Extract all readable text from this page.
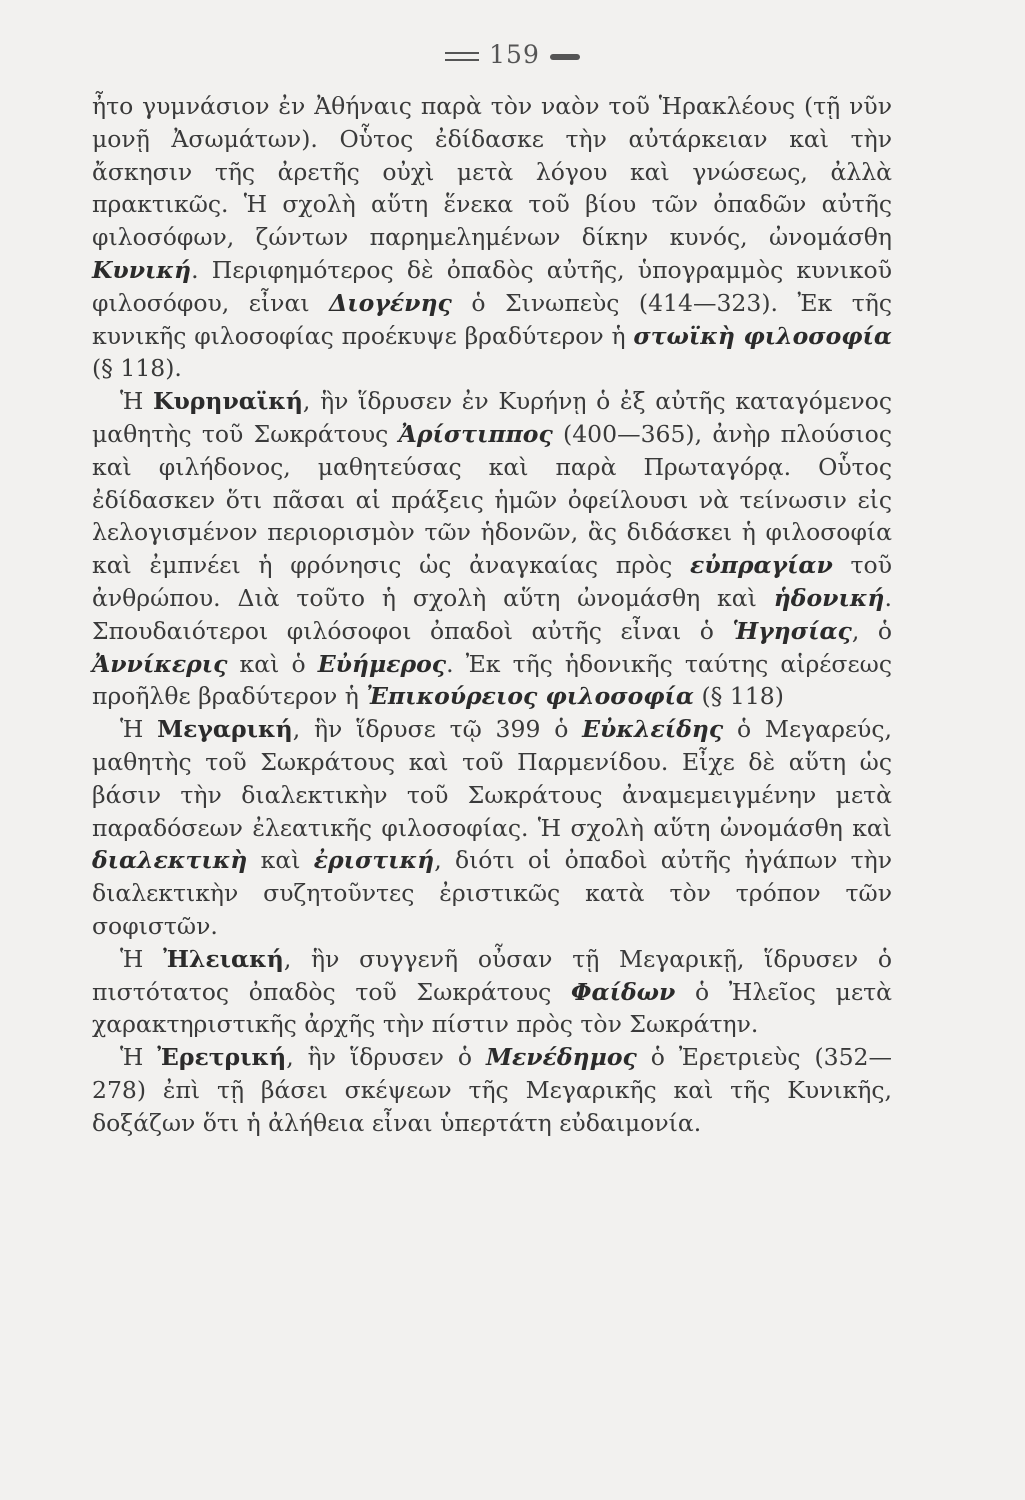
159

ἦτο γυμνάσιον ἐν Ἀθήναις παρὰ τὸν ναὸν τοῦ Ἡρακλέους (τῇ νῦν μονῇ Ἀσωμάτων). Οὗτος ἐδίδασκε τὴν αὐτάρκειαν καὶ τὴν ἄσκησιν τῆς ἀρετῆς οὐχὶ μετὰ λόγου καὶ γνώσεως, ἀλλὰ πρακτικῶς. Ἡ σχολὴ αὕτη ἕνεκα τοῦ βίου τῶν ὀπαδῶν αὐτῆς φιλοσόφων, ζώντων παρημελημένων δίκην κυνός, ὠνομάσθη Κυνική. Περιφημότερος δὲ ὀπαδὸς αὐτῆς, ὑπογραμμὸς κυνικοῦ φιλοσόφου, εἶναι Διογένης ὁ Σινωπεὺς (414—323). Ἐκ τῆς κυνικῆς φιλοσοφίας προέκυψε βραδύτερον ἡ στωϊκὴ φιλοσοφία (§ 118).

Ἡ Κυρηναϊκή, ἣν ἵδρυσεν ἐν Κυρήνῃ ὁ ἐξ αὐτῆς καταγόμενος μαθητὴς τοῦ Σωκράτους Ἀρίστιππος (400—365), ἀνὴρ πλούσιος καὶ φιλήδονος, μαθητεύσας καὶ παρὰ Πρωταγόρᾳ. Οὗτος ἐδίδασκεν ὅτι πᾶσαι αἱ πράξεις ἡμῶν ὀφείλουσι νὰ τείνωσιν εἰς λελογισμένον περιορισμὸν τῶν ἡδονῶν, ἃς διδάσκει ἡ φιλοσοφία καὶ ἐμπνέει ἡ φρόνησις ὡς ἀναγκαίας πρὸς εὐπραγίαν τοῦ ἀνθρώπου. Διὰ τοῦτο ἡ σχολὴ αὕτη ὠνομάσθη καὶ ἡδονική. Σπουδαιότεροι φιλόσοφοι ὀπαδοὶ αὐτῆς εἶναι ὁ Ἡγησίας, ὁ Ἀννίκερις καὶ ὁ Εὐήμερος. Ἐκ τῆς ἡδονικῆς ταύτης αἱρέσεως προῆλθε βραδύτερον ἡ Ἐπικούρειος φιλοσοφία (§ 118)

Ἡ Μεγαρική, ἣν ἵδρυσε τῷ 399 ὁ Εὐκλείδης ὁ Μεγαρεύς, μαθητὴς τοῦ Σωκράτους καὶ τοῦ Παρμενίδου. Εἶχε δὲ αὕτη ὡς βάσιν τὴν διαλεκτικὴν τοῦ Σωκράτους ἀναμεμειγμένην μετὰ παραδόσεων ἐλεατικῆς φιλοσοφίας. Ἡ σχολὴ αὕτη ὠνομάσθη καὶ διαλεκτικὴ καὶ ἐριστική, διότι οἱ ὀπαδοὶ αὐτῆς ἠγάπων τὴν διαλεκτικὴν συζητοῦντες ἐριστικῶς κατὰ τὸν τρόπον τῶν σοφιστῶν.

Ἡ Ἠλειακή, ἣν συγγενῆ οὖσαν τῇ Μεγαρικῇ, ἵδρυσεν ὁ πιστότατος ὀπαδὸς τοῦ Σωκράτους Φαίδων ὁ Ἠλεῖος μετὰ χαρακτηριστικῆς ἀρχῆς τὴν πίστιν πρὸς τὸν Σωκράτην.

Ἡ Ἐρετρική, ἣν ἵδρυσεν ὁ Μενέδημος ὁ Ἐρετριεὺς (352—278) ἐπὶ τῇ βάσει σκέψεων τῆς Μεγαρικῆς καὶ τῆς Κυνικῆς, δοξάζων ὅτι ἡ ἀλήθεια εἶναι ὑπερτάτη εὐδαιμονία.
